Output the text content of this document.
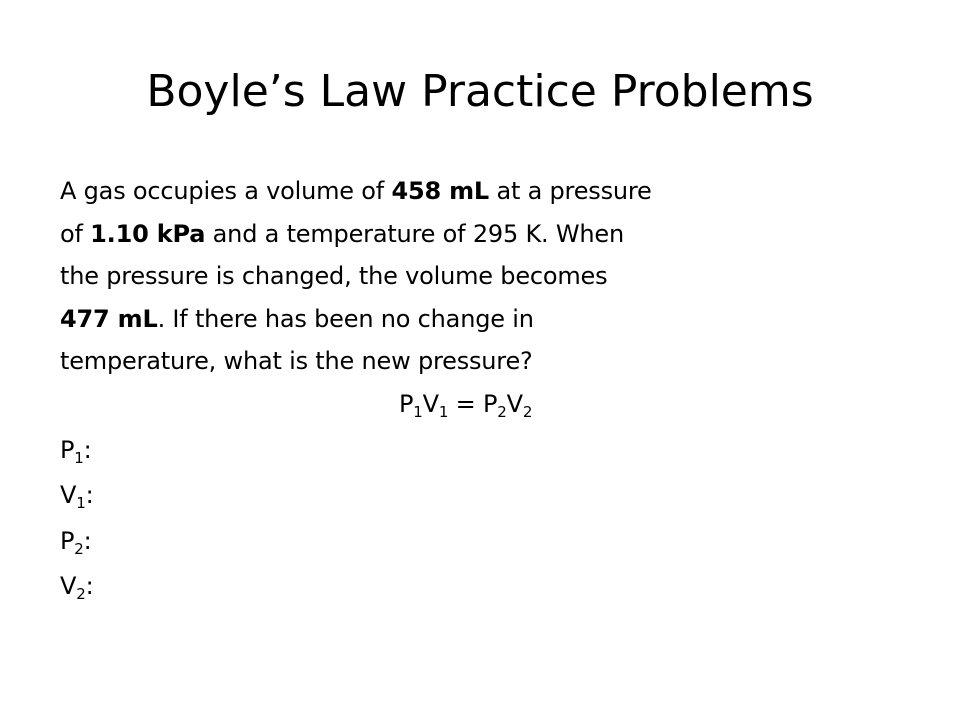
Boyle’s Law Practice Problems
A gas occupies a volume of 458 mL at a pressure
of 1.10 kPa and a temperature of 295 K. When
the pressure is changed, the volume becomes
477 mL. If there has been no change in
temperature, what is the new pressure?
$P_1V_1 = P_2V_2$
$P_1$:
$V_1$:
$P_2$:
$V_2$:
